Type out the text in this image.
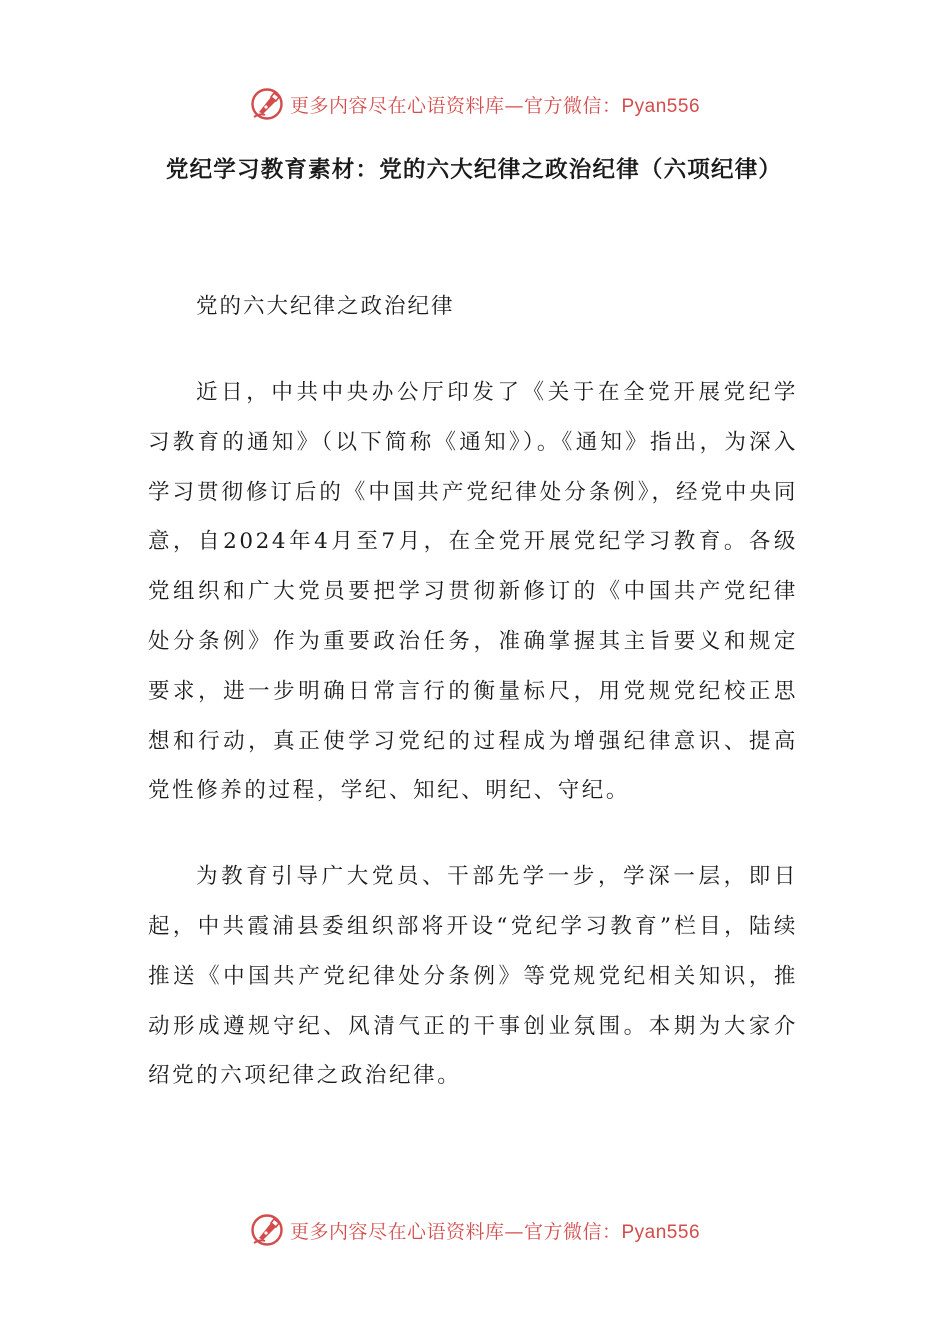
更多内容尽在心语资料库—官方微信：Pyan556
党纪学习教育素材：党的六大纪律之政治纪律（六项纪律）

党的六大纪律之政治纪律

近日，中共中央办公厅印发了《关于在全党开展党纪学习教育的通知》（以下简称《通知》）。《通知》指出，为深入学习贯彻修订后的《中国共产党纪律处分条例》，经党中央同意，自2024年4月至7月，在全党开展党纪学习教育。各级党组织和广大党员要把学习贯彻新修订的《中国共产党纪律处分条例》作为重要政治任务，准确掌握其主旨要义和规定要求，进一步明确日常言行的衡量标尺，用党规党纪校正思想和行动，真正使学习党纪的过程成为增强纪律意识、提高党性修养的过程，学纪、知纪、明纪、守纪。

为教育引导广大党员、干部先学一步，学深一层，即日起，中共霞浦县委组织部将开设“党纪学习教育”栏目，陆续推送《中国共产党纪律处分条例》等党规党纪相关知识，推动形成遵规守纪、风清气正的干事创业氛围。本期为大家介绍党的六项纪律之政治纪律。

更多内容尽在心语资料库—官方微信：Pyan556
